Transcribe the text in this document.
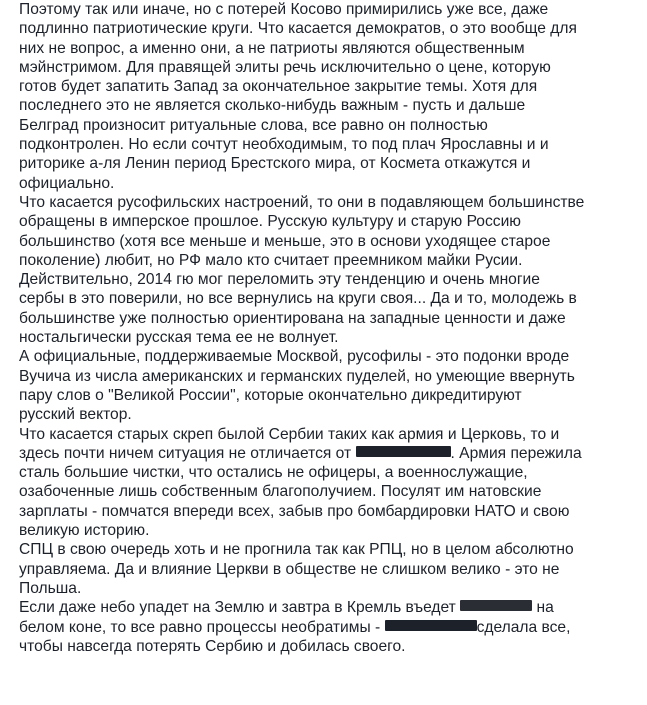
Поэтому так или иначе, но с потерей Косово примирились уже все, даже
подлинно патриотические круги. Что касается демократов, о это вообще для
них не вопрос, а именно они, а не патриоты являются общественным
мэйнстримом. Для правящей элиты речь исключительно о цене, которую
готов будет запатить Запад за окончательное закрытие темы. Хотя для
последнего это не является сколько-нибудь важным - пусть и дальше
Белград произносит ритуальные слова, все равно он полностью
подконтролен. Но если сочтут необходимым, то под плач Ярославны и и
риторике а-ля Ленин период Брестского мира, от Космета откажутся и
официально.
Что касается русофильских настроений, то они в подавляющем большинстве
обращены в имперское прошлое. Русскую культуру и старую Россию
большинство (хотя все меньше и меньше, это в основи уходящее старое
поколение) любит, но РФ мало кто считает преемником майки Русии.
Действительно, 2014 гю мог переломить эту тенденцию и очень многие
сербы в это поверили, но все вернулись на круги своя... Да и то, молодежь в
большинстве уже полностью ориентирована на западные ценности и даже
ностальгически русская тема ее не волнует.
А официальные, поддерживаемые Москвой, русофилы - это подонки вроде
Вучича из числа американских и германских пуделей, но умеющие ввернуть
пару слов о "Великой России", которые окончательно дикредитируют
русский вектор.
Что касается старых скреп былой Сербии таких как армия и Церковь, то и
здесь почти ничем ситуация не отличается от	. Армия пережила
сталь большие чистки, что остались не офицеры, а военнослужащие,
озабоченные лишь собственным благополучием. Посулят им натовские
зарплаты - помчатся впереди всех, забыв про бомбардировки НАТО и свою
великую историю.
СПЦ в свою очередь хоть и не прогнила так как РПЦ, но в целом абсолютно
управляема. Да и влияние Церкви в обществе не слишком велико - это не
Польша.
Если даже небо упадет на Землю и завтра в Кремль въедет	на
белом коне, то все равно процессы необратимы -	сделала все,
чтобы навсегда потерять Сербию и добилась своего.
